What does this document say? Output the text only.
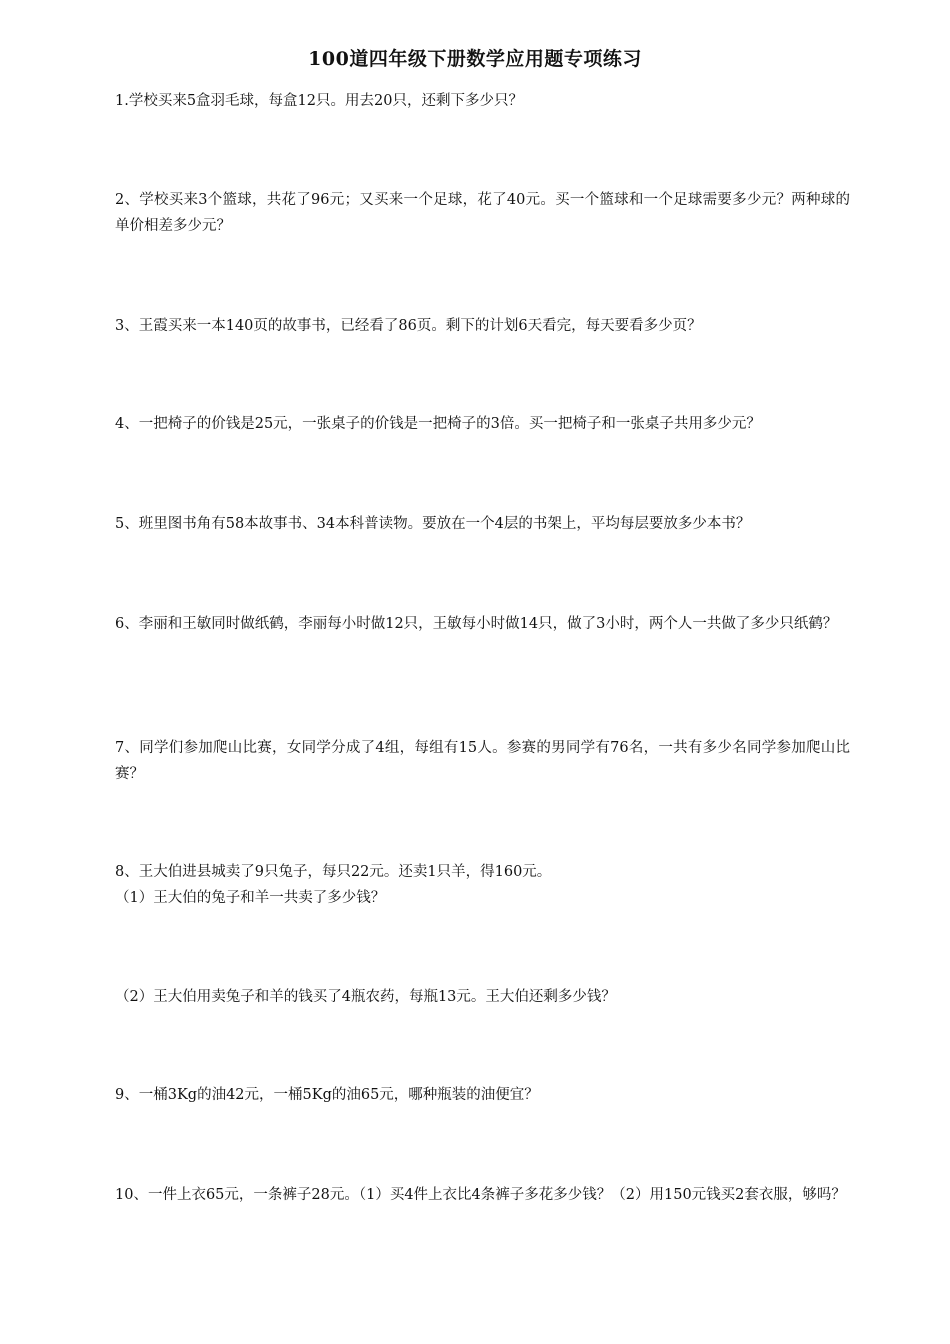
100道四年级下册数学应用题专项练习

1.学校买来5盒羽毛球，每盒12只。用去20只，还剩下多少只？

2、学校买来3个篮球，共花了96元；又买来一个足球，花了40元。买一个篮球和一个足球需要多少元？两种球的单价相差多少元？

3、王霞买来一本140页的故事书，已经看了86页。剩下的计划6天看完，每天要看多少页？

4、一把椅子的价钱是25元，一张桌子的价钱是一把椅子的3倍。买一把椅子和一张桌子共用多少元？

5、班里图书角有58本故事书、34本科普读物。要放在一个4层的书架上，平均每层要放多少本书？

6、李丽和王敏同时做纸鹤，李丽每小时做12只，王敏每小时做14只，做了3小时，两个人一共做了多少只纸鹤？

7、同学们参加爬山比赛，女同学分成了4组，每组有15人。参赛的男同学有76名，一共有多少名同学参加爬山比赛？

8、王大伯进县城卖了9只兔子，每只22元。还卖1只羊，得160元。

（1）王大伯的兔子和羊一共卖了多少钱？

（2）王大伯用卖兔子和羊的钱买了4瓶农药，每瓶13元。王大伯还剩多少钱？

9、一桶3Kg的油42元，一桶5Kg的油65元，哪种瓶装的油便宜？

10、一件上衣65元，一条裤子28元。（1）买4件上衣比4条裤子多花多少钱？（2）用150元钱买2套衣服，够吗？
